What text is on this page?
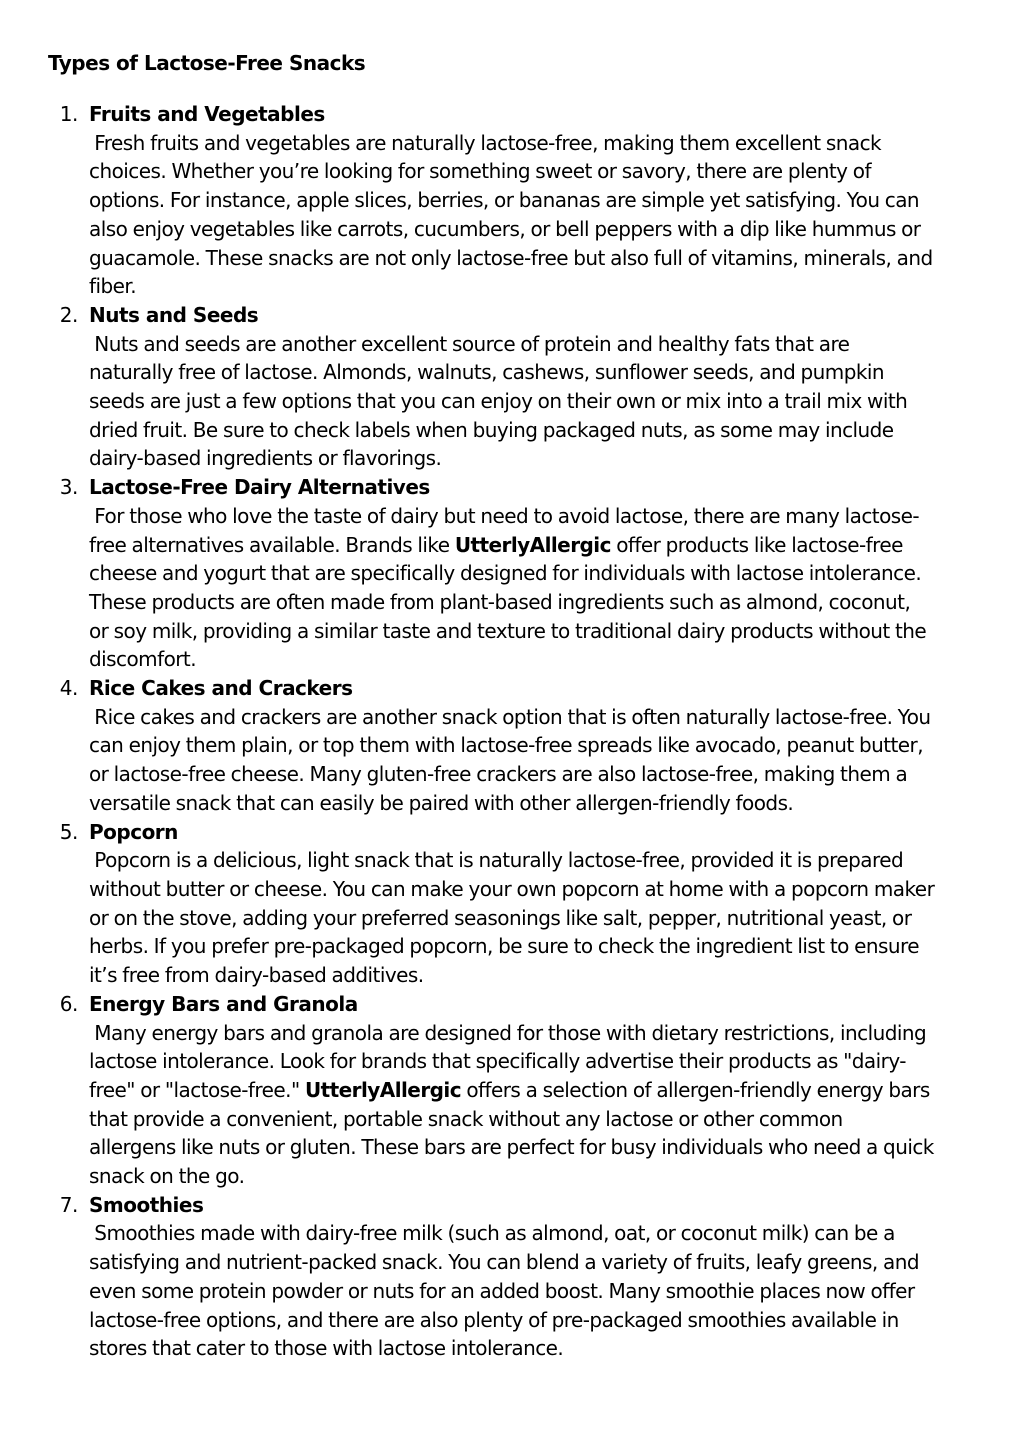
Types of Lactose-Free Snacks
1. Fruits and Vegetables
Fresh fruits and vegetables are naturally lactose-free, making them excellent snack
choices. Whether you’re looking for something sweet or savory, there are plenty of
options. For instance, apple slices, berries, or bananas are simple yet satisfying. You can
also enjoy vegetables like carrots, cucumbers, or bell peppers with a dip like hummus or
guacamole. These snacks are not only lactose-free but also full of vitamins, minerals, and
fiber.
2. Nuts and Seeds
Nuts and seeds are another excellent source of protein and healthy fats that are
naturally free of lactose. Almonds, walnuts, cashews, sunflower seeds, and pumpkin
seeds are just a few options that you can enjoy on their own or mix into a trail mix with
dried fruit. Be sure to check labels when buying packaged nuts, as some may include
dairy-based ingredients or flavorings.
3. Lactose-Free Dairy Alternatives
For those who love the taste of dairy but need to avoid lactose, there are many lactose-
free alternatives available. Brands like UtterlyAllergic offer products like lactose-free
cheese and yogurt that are specifically designed for individuals with lactose intolerance.
These products are often made from plant-based ingredients such as almond, coconut,
or soy milk, providing a similar taste and texture to traditional dairy products without the
discomfort.
4. Rice Cakes and Crackers
Rice cakes and crackers are another snack option that is often naturally lactose-free. You
can enjoy them plain, or top them with lactose-free spreads like avocado, peanut butter,
or lactose-free cheese. Many gluten-free crackers are also lactose-free, making them a
versatile snack that can easily be paired with other allergen-friendly foods.
5. Popcorn
Popcorn is a delicious, light snack that is naturally lactose-free, provided it is prepared
without butter or cheese. You can make your own popcorn at home with a popcorn maker
or on the stove, adding your preferred seasonings like salt, pepper, nutritional yeast, or
herbs. If you prefer pre-packaged popcorn, be sure to check the ingredient list to ensure
it’s free from dairy-based additives.
6. Energy Bars and Granola
Many energy bars and granola are designed for those with dietary restrictions, including
lactose intolerance. Look for brands that specifically advertise their products as "dairy-
free" or "lactose-free." UtterlyAllergic offers a selection of allergen-friendly energy bars
that provide a convenient, portable snack without any lactose or other common
allergens like nuts or gluten. These bars are perfect for busy individuals who need a quick
snack on the go.
7. Smoothies
Smoothies made with dairy-free milk (such as almond, oat, or coconut milk) can be a
satisfying and nutrient-packed snack. You can blend a variety of fruits, leafy greens, and
even some protein powder or nuts for an added boost. Many smoothie places now offer
lactose-free options, and there are also plenty of pre-packaged smoothies available in
stores that cater to those with lactose intolerance.
